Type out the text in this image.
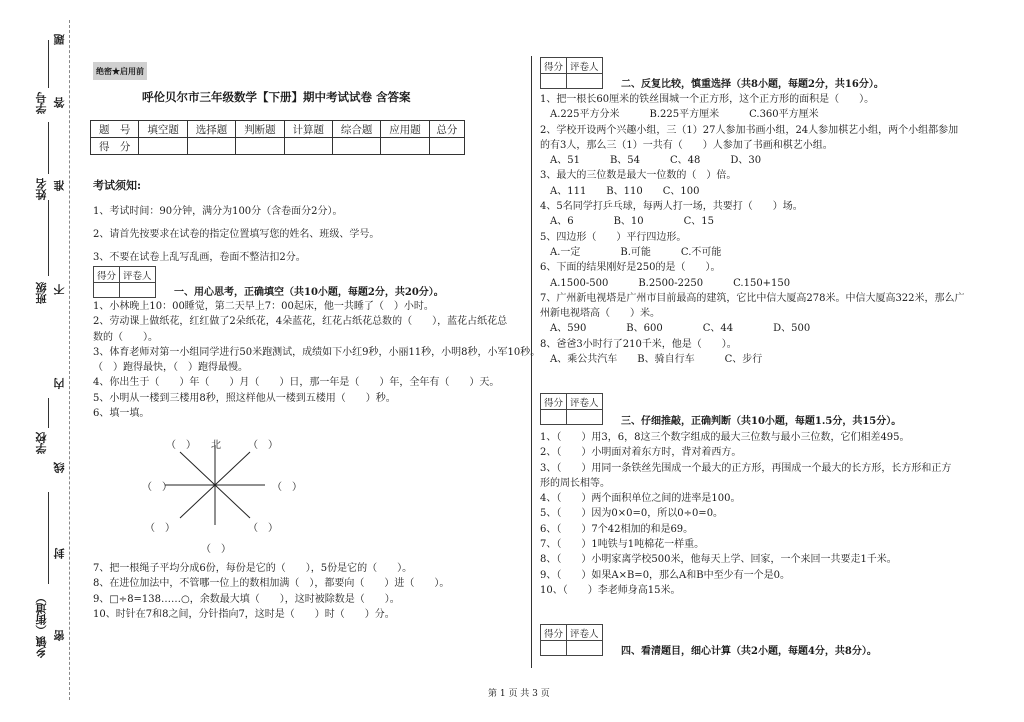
题
学号 答
姓名 准
班级 不
内
学校
线
封
乡镇（街道） 密
绝密★启用前
呼伦贝尔市三年级数学【下册】期中考试试卷 含答案
题　号	填空题	选择题	判断题	计算题	综合题	应用题	总分
得　分							
考试须知:
1、考试时间：90分钟，满分为100分（含卷面分2分）。
2、请首先按要求在试卷的指定位置填写您的姓名、班级、学号。
3、不要在试卷上乱写乱画，卷面不整洁扣2分。
得分	评卷人

一、用心思考，正确填空（共10小题，每题2分，共20分）。
1、小林晚上10：00睡觉，第二天早上7：00起床，他一共睡了（　）小时。
2、劳动课上做纸花，红红做了2朵纸花，4朵蓝花，红花占纸花总数的（　　），蓝花占纸花总
数的（　　）。
3、体育老师对第一小组同学进行50米跑测试，成绩如下小红9秒，小丽11秒，小明8秒，小军10秒。
（　）跑得最快，（　）跑得最慢。
4、你出生于（　　）年（　　）月（　　）日，那一年是（　　）年，全年有（　　）天。
5、小明从一楼到三楼用8秒，照这样他从一楼到五楼用（　　）秒。
6、填一填。
（　） 北	（　）
（　）	（　）
（　）	（　）
（　）
7、把一根绳子平均分成6份，每份是它的（　　），5份是它的（　　）。
8、在进位加法中，不管哪一位上的数相加满（　），都要向（　　）进（　　）。
9、□÷8=138……○，余数最大填（　　），这时被除数是（　　）。
10、时针在7和8之间，分针指向7，这时是（　　）时（　　）分。
得分	评卷人

二、反复比较，慎重选择（共8小题，每题2分，共16分）。
1、把一根长60厘米的铁丝围城一个正方形，这个正方形的面积是（　　）。
　A.225平方分米　　　B.225平方厘米　　　C.360平方厘米
2、学校开设两个兴趣小组，三（1）27人参加书画小组，24人参加棋艺小组，两个小组都参加
的有3人，那么三（1）一共有（　　）人参加了书画和棋艺小组。
　A、51　　　B、54　　　C、48　　　D、30
3、最大的三位数是最大一位数的（　）倍。
　A、111　　B、110　　C、100
4、5名同学打乒乓球，每两人打一场，共要打（　　）场。
　A、6　　　　B、10　　　　C、15
5、四边形（　　）平行四边形。
　A.一定　　　　B.可能　　　C.不可能
6、下面的结果刚好是250的是（　　）。
　A.1500-500　　　B.2500-2250　　　C.150+150
7、广州新电视塔是广州市目前最高的建筑，它比中信大厦高278米。中信大厦高322米，那么广
州新电视塔高（　　）米。
　A、590　　　　B、600　　　　C、44　　　　D、500
8、爸爸3小时行了210千米，他是（　　）。
　A、乘公共汽车　　B、骑自行车　　　C、步行
得分	评卷人

三、仔细推敲，正确判断（共10小题，每题1.5分，共15分）。
1、（　　）用3，6，8这三个数字组成的最大三位数与最小三位数，它们相差495。
2、（　　）小明面对着东方时，背对着西方。
3、（　　）用同一条铁丝先围成一个最大的正方形，再围成一个最大的长方形，长方形和正方
形的周长相等。
4、（　　）两个面积单位之间的进率是100。
5、（　　）因为0×0=0，所以0÷0=0。
6、（　　）7个42相加的和是69。
7、（　　）1吨铁与1吨棉花一样重。
8、（　　）小明家离学校500米，他每天上学、回家，一个来回一共要走1千米。
9、（　　）如果A×B=0，那么A和B中至少有一个是0。
10、（　　）李老师身高15米。
得分	评卷人

四、看清题目，细心计算（共2小题，每题4分，共8分）。
第 1 页 共 3 页
